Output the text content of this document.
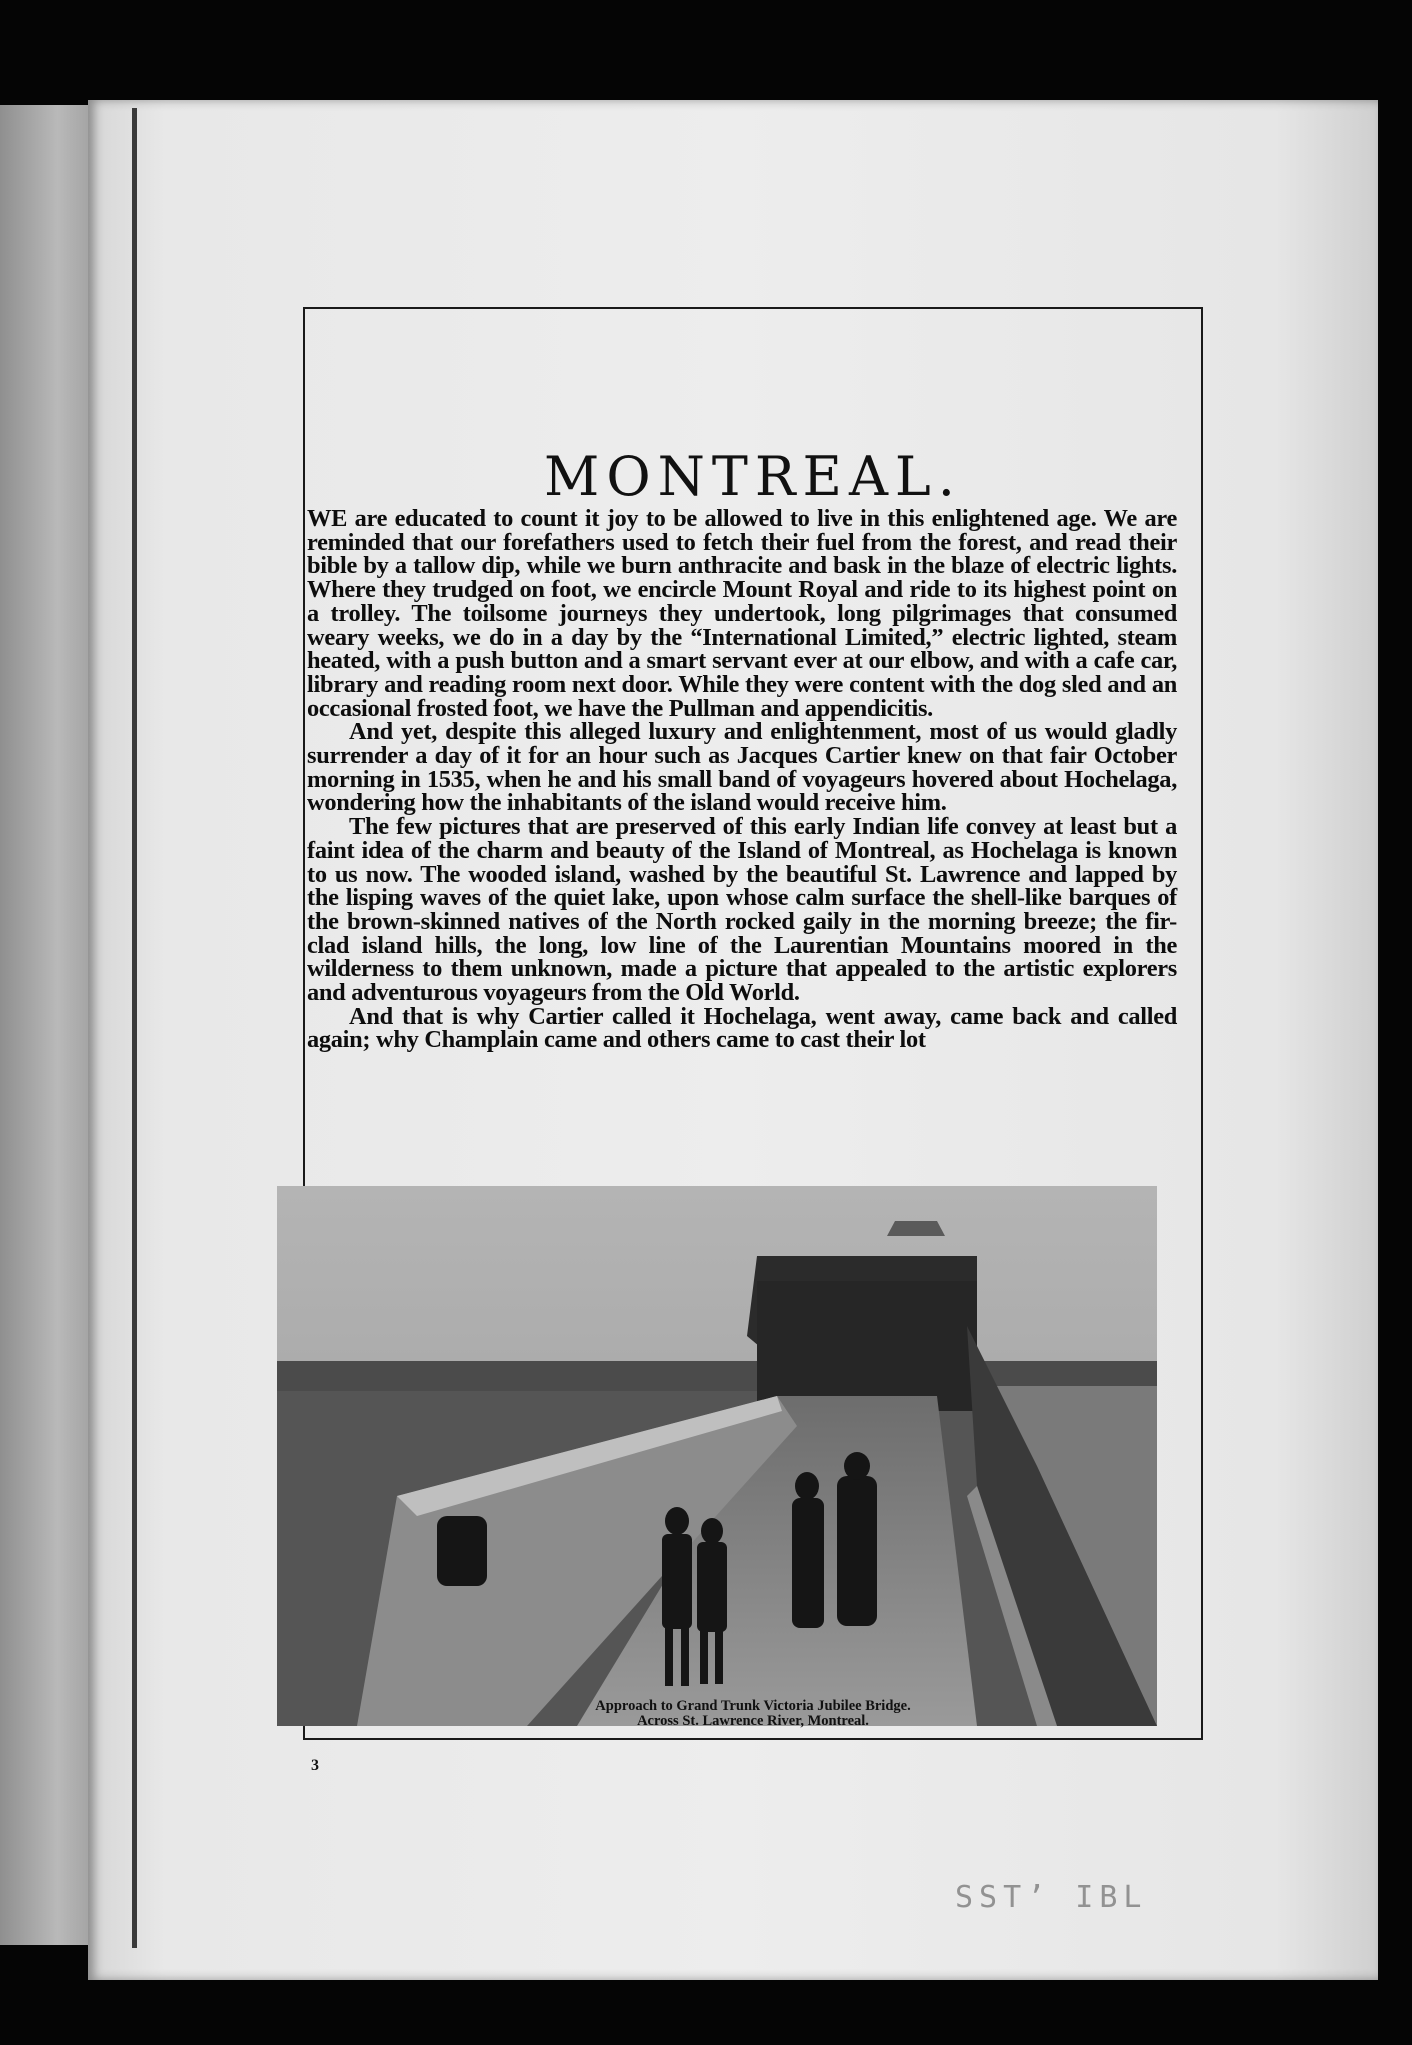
MONTREAL.

WE are educated to count it joy to be allowed to live in this enlightened age. We are reminded that our forefathers used to fetch their fuel from the forest, and read their bible by a tallow dip, while we burn anthracite and bask in the blaze of electric lights. Where they trudged on foot, we encircle Mount Royal and ride to its highest point on a trolley. The toilsome journeys they undertook, long pilgrimages that consumed weary weeks, we do in a day by the “International Limited,” electric lighted, steam heated, with a push button and a smart servant ever at our elbow, and with a cafe car, library and reading room next door. While they were content with the dog sled and an occasional frosted foot, we have the Pullman and appendicitis.

And yet, despite this alleged luxury and enlightenment, most of us would gladly surrender a day of it for an hour such as Jacques Cartier knew on that fair October morning in 1535, when he and his small band of voyageurs hovered about Hochelaga, wondering how the inhabitants of the island would receive him.

The few pictures that are preserved of this early Indian life convey at least but a faint idea of the charm and beauty of the Island of Montreal, as Hochelaga is known to us now. The wooded island, washed by the beautiful St. Lawrence and lapped by the lisping waves of the quiet lake, upon whose calm surface the shell-like barques of the brown-skinned natives of the North rocked gaily in the morning breeze; the fir-clad island hills, the long, low line of the Laurentian Mountains moored in the wilderness to them unknown, made a picture that appealed to the artistic explorers and adventurous voyageurs from the Old World.

And that is why Cartier called it Hochelaga, went away, came back and called again; why Champlain came and others came to cast their lot

Approach to Grand Trunk Victoria Jubilee Bridge.
Across St. Lawrence River, Montreal.
3
SST’ IBL
